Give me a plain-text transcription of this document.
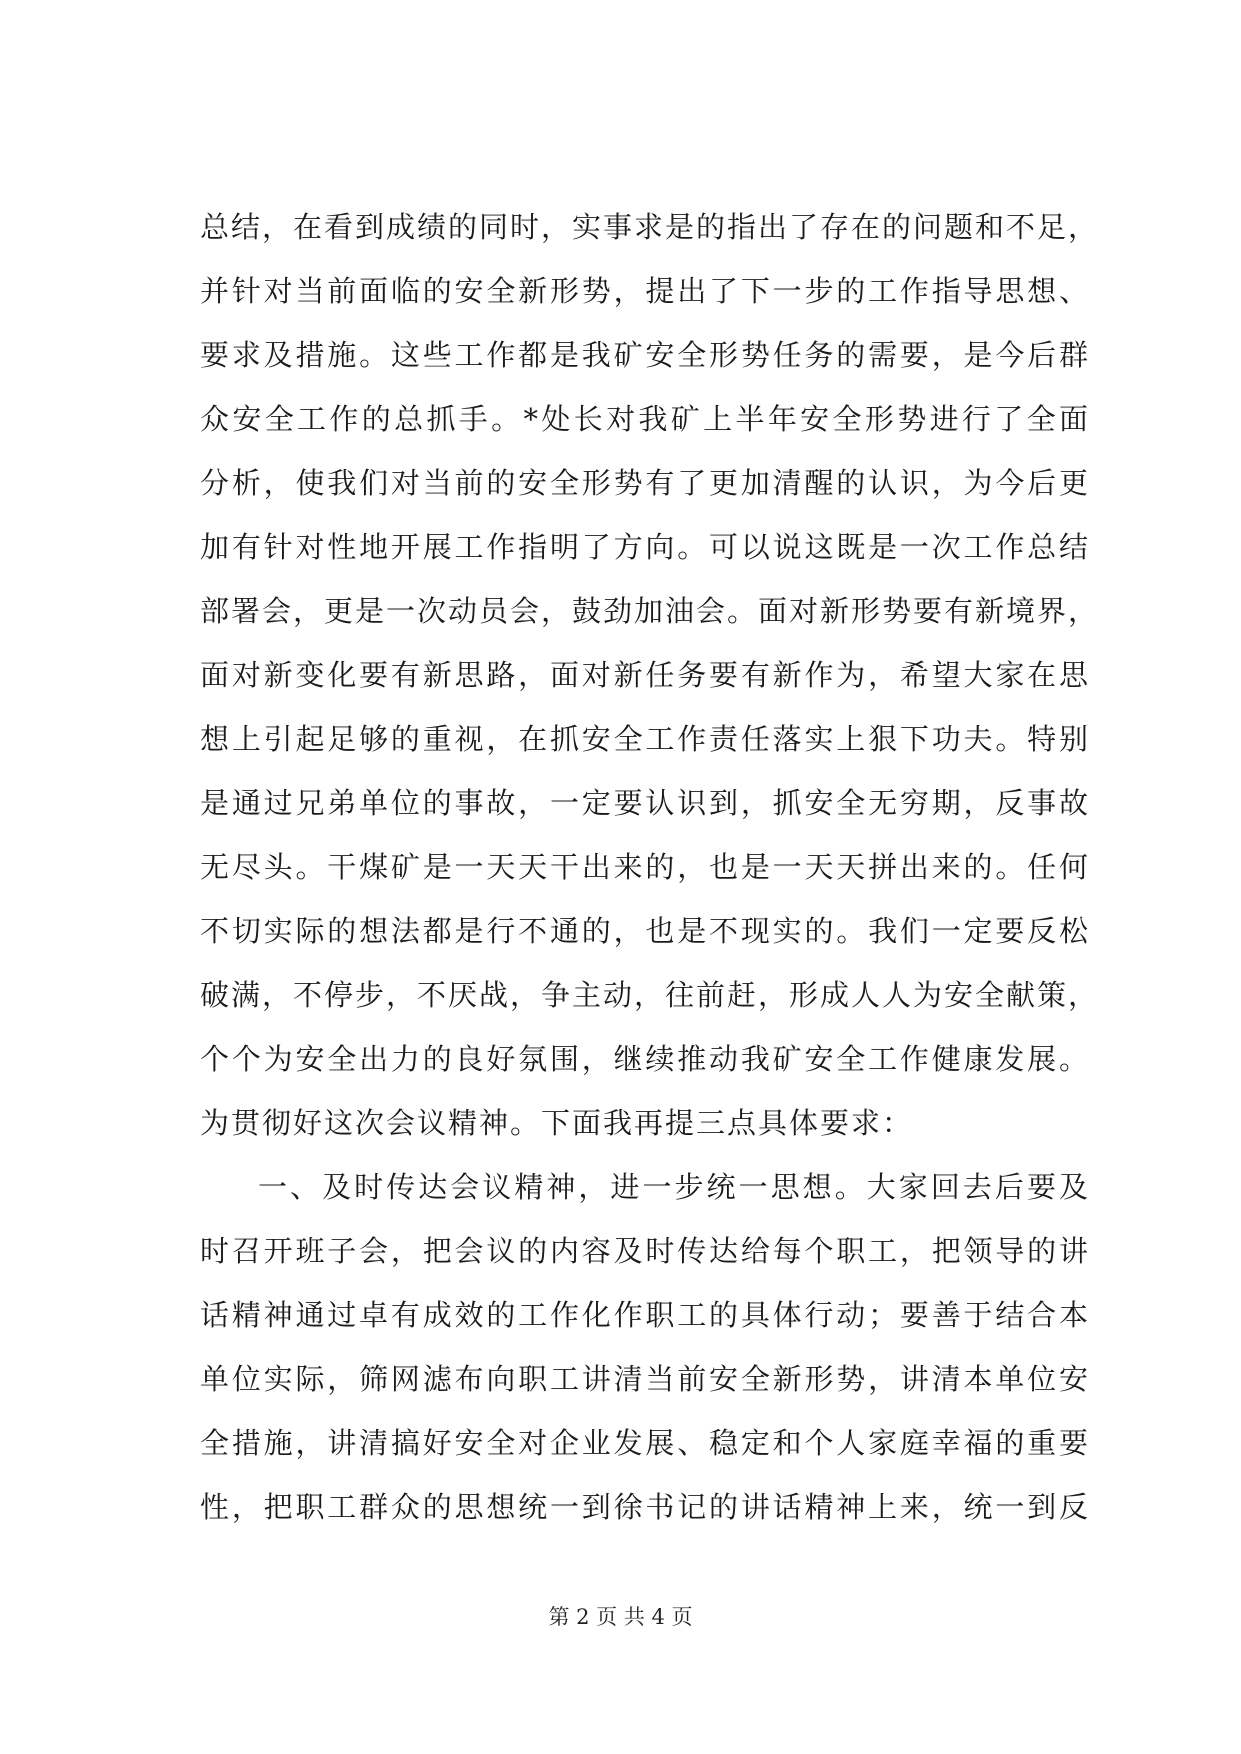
总结，在看到成绩的同时，实事求是的指出了存在的问题和不足，
并针对当前面临的安全新形势，提出了下一步的工作指导思想、
要求及措施。这些工作都是我矿安全形势任务的需要，是今后群
众安全工作的总抓手。*处长对我矿上半年安全形势进行了全面
分析，使我们对当前的安全形势有了更加清醒的认识，为今后更
加有针对性地开展工作指明了方向。可以说这既是一次工作总结
部署会，更是一次动员会，鼓劲加油会。面对新形势要有新境界，
面对新变化要有新思路，面对新任务要有新作为，希望大家在思
想上引起足够的重视，在抓安全工作责任落实上狠下功夫。特别
是通过兄弟单位的事故，一定要认识到，抓安全无穷期，反事故
无尽头。干煤矿是一天天干出来的，也是一天天拼出来的。任何
不切实际的想法都是行不通的，也是不现实的。我们一定要反松
破满，不停步，不厌战，争主动，往前赶，形成人人为安全献策，
个个为安全出力的良好氛围，继续推动我矿安全工作健康发展。
为贯彻好这次会议精神。下面我再提三点具体要求：
一、及时传达会议精神，进一步统一思想。大家回去后要及
时召开班子会，把会议的内容及时传达给每个职工，把领导的讲
话精神通过卓有成效的工作化作职工的具体行动；要善于结合本
单位实际，筛网滤布向职工讲清当前安全新形势，讲清本单位安
全措施，讲清搞好安全对企业发展、稳定和个人家庭幸福的重要
性，把职工群众的思想统一到徐书记的讲话精神上来，统一到反
第 2 页 共 4 页
